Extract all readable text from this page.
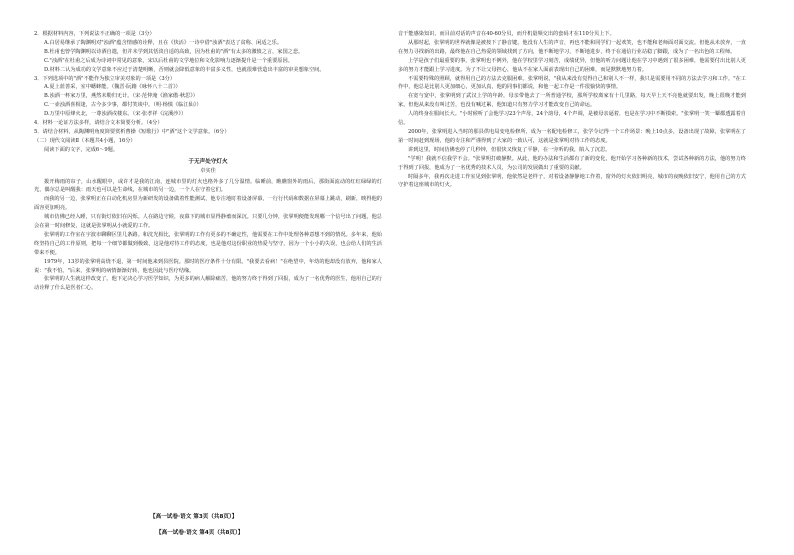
2．根据材料内容，下列说法不正确的一项是（3分）

A.白居易继承了陶渊明对"浊酒"蕴含情感的诠释，且在《快活》一诗中借"浊酒"表达了贫称、闲适之乐。

B.杜甫也曾学陶渊明以诗酒自遣，但并未学到其恬淡自适的高致，因为杜甫的"酒"有太多的激愤之言，家国之悲。

C."浊酒"在杜甫之后成为诗词中常见的意象，宋以后杜甫的文学地位和文化影响力逐渐提升是一个重要原因。

D.材料二认为成功的文学意象不应过于清楚明晰，否则就会降低意象的丰富多义性，也就很难营造出丰富的审美想象空间。

3．下列选项中的"酒"不能作为独立审美对象的一项是（3分）

A.夏上蓝善采，室中蟋蟀能。（魏晋·阮籍《咏怀八十二首》）

B.浊酒一杯家万里，燕然未勒归无计。（宋·范仲淹《渔家傲·秋思》）

C.一壶浊酒喜相逢，古今多少事，都付笑谈中。（明·杨慎《临江仙》）

D.万里中原烽火北，一尊浊酒戍楼东。（宋·张孝祥《浣溪沙》）

4．材料一论证方法多样，请结合文本简要分析。（4分）

5．请结合材料，从陶渊明角度简要赏析曹操《短歌行》中"酒"这个文学意象。（6分）

（二）现代文阅读Ⅱ（本题共4小题，16分）

阅读下面的文字，完成6～9题。

于无声处守灯火

卓实佳

拨开梅雨的帘子，山水醒眼中，或许才是我的江南，连城市里的灯火也格外多了几分温情。临睡前，瞧瞧窗外的雨后，那街面流动的红红绿绿的灯光，偶尔总是叫醒我：雨天也可以是生命线，在城市的另一边，一个人在守着它们。

而我的另一边，张掌明正在白动化机房里为新研发的设备做着性能测试，他专注地盯着设备屏幕，一行行代码和数据在屏幕上跳动，刷新，映得他的面容更加明亮。

城市仿佛已经入睡，只有街灯依旧在闪烁。人在路边守候，夜幕下的城市显得静谧而深沉。只要几分钟，张掌明便能发现哪一个信号出了问题，他总会在第一时间修复，这就是张掌明从小就爱的工作。

张掌明的工作室在宇波市聊聊区里几条路。和沈光相比，张掌明的工作有更多的不确定性，他需要在工作中处理各种意想不到的情况。多年来，他始终坚持自己的工作原则，把每一个细节都做到极致，这是他对待工作的态度，也是他对这份职业的热爱与坚守，因为一个小小的失误，也会给人们的生活带来不便。

1979年，13岁的张掌明高烧不退，第一时间他来到县医院。那时的医疗条件十分有限。"我要去看病！"在绝望中，年幼的他却没有放弃，他和家人说："我不怕。"后来，张掌明的病情渐渐好转，他也因此与医疗结缘。

张掌明的人生就这样改变了。他下定决心学习医学知识，为更多的病人解除痛苦，他的努力终于得到了回报，成为了一名优秀的医生，他用自己的行动诠释了什么是医者仁心。

音干能感染知识，而目前对话的声音在40-60分贝，而升机量频交出的套码才在110分贝上下。

从那时起，张掌明的世界就像是被按下了静音键。他没有人生的声音，再也不能和同学们一起欢笑，也不能和老师面对面交流。但他从未放弃，一直在努力寻找新的出路，最终他在自己热爱的领域找到了方向，他不断地学习，不断地进步，终于在通信行业站稳了脚跟，成为了一名出色的工程师。

上学是孩子们最重要的事，张掌明也不例外，他在学校里学习刻苦，成绩优异，但他的听力问题让他在学习中遇到了很多困难，他需要付出比别人更多的努力才能跟上学习进度。为了不让父母担心，他从不在家人面前表现出自己的困难，而是默默地努力着。

不需要特殊的照顾，就得用自己的方法去克服困难。张掌明说，"我从来没有觉得自己和别人不一样，我只是需要用不同的方法去学习和工作。"在工作中，他总是比别人更加细心，更加认真，他的同事们都说，和他一起工作是一件很愉快的事情。

在宽与宽中，张掌明到了武汉上学的年龄，母亲带他去了一所普通学校，那所学校离家有十几里路，每天早上天不亮他就要出发，晚上很晚才能到家。但他从来没有叫过苦，也没有喊过累，他知道只有努力学习才能改变自己的命运。

人的终身在服间长大。"小时候听了会他学习23个声母，24个韵母，4个声调，是被母亲逼着，也是在学习中不断摸索。"张掌明一笑一颦都透露着自信。

2000年，张掌明进入当时的那县供电局变电检修所，成为一名配电检修工，张学令记得一个工作场景：晚上10点多，设备出现了故障，张掌明在了第一时间赶到现场，他的专注和严谨得到了大家的一致认可，这就是张掌明对待工作的态度。

讲到这里，时间仿佛也停了几秒钟，但很快又恢复了平静，在一旁听的我，陷入了沉思。

"学明！我就不信我学不会。"张掌明打破静默。从此，他的办法和生活都有了新的变化，他开始学习各种新的技术，尝试各种新的方法，他的努力终于得到了回报，他成为了一名优秀的技术人员，为公司的发展做出了重要的贡献。

时隔多年，我再次走进工作室见到张掌明，他依然是老样子，对着设备静静地工作着，窗外的灯火依旧明亮，城市的夜晚依旧安宁，他用自己的方式守护着这座城市的灯火。

【高一试卷·语文 第3页（共8页）】
【高一试卷·语文 第4页（共8页）】
